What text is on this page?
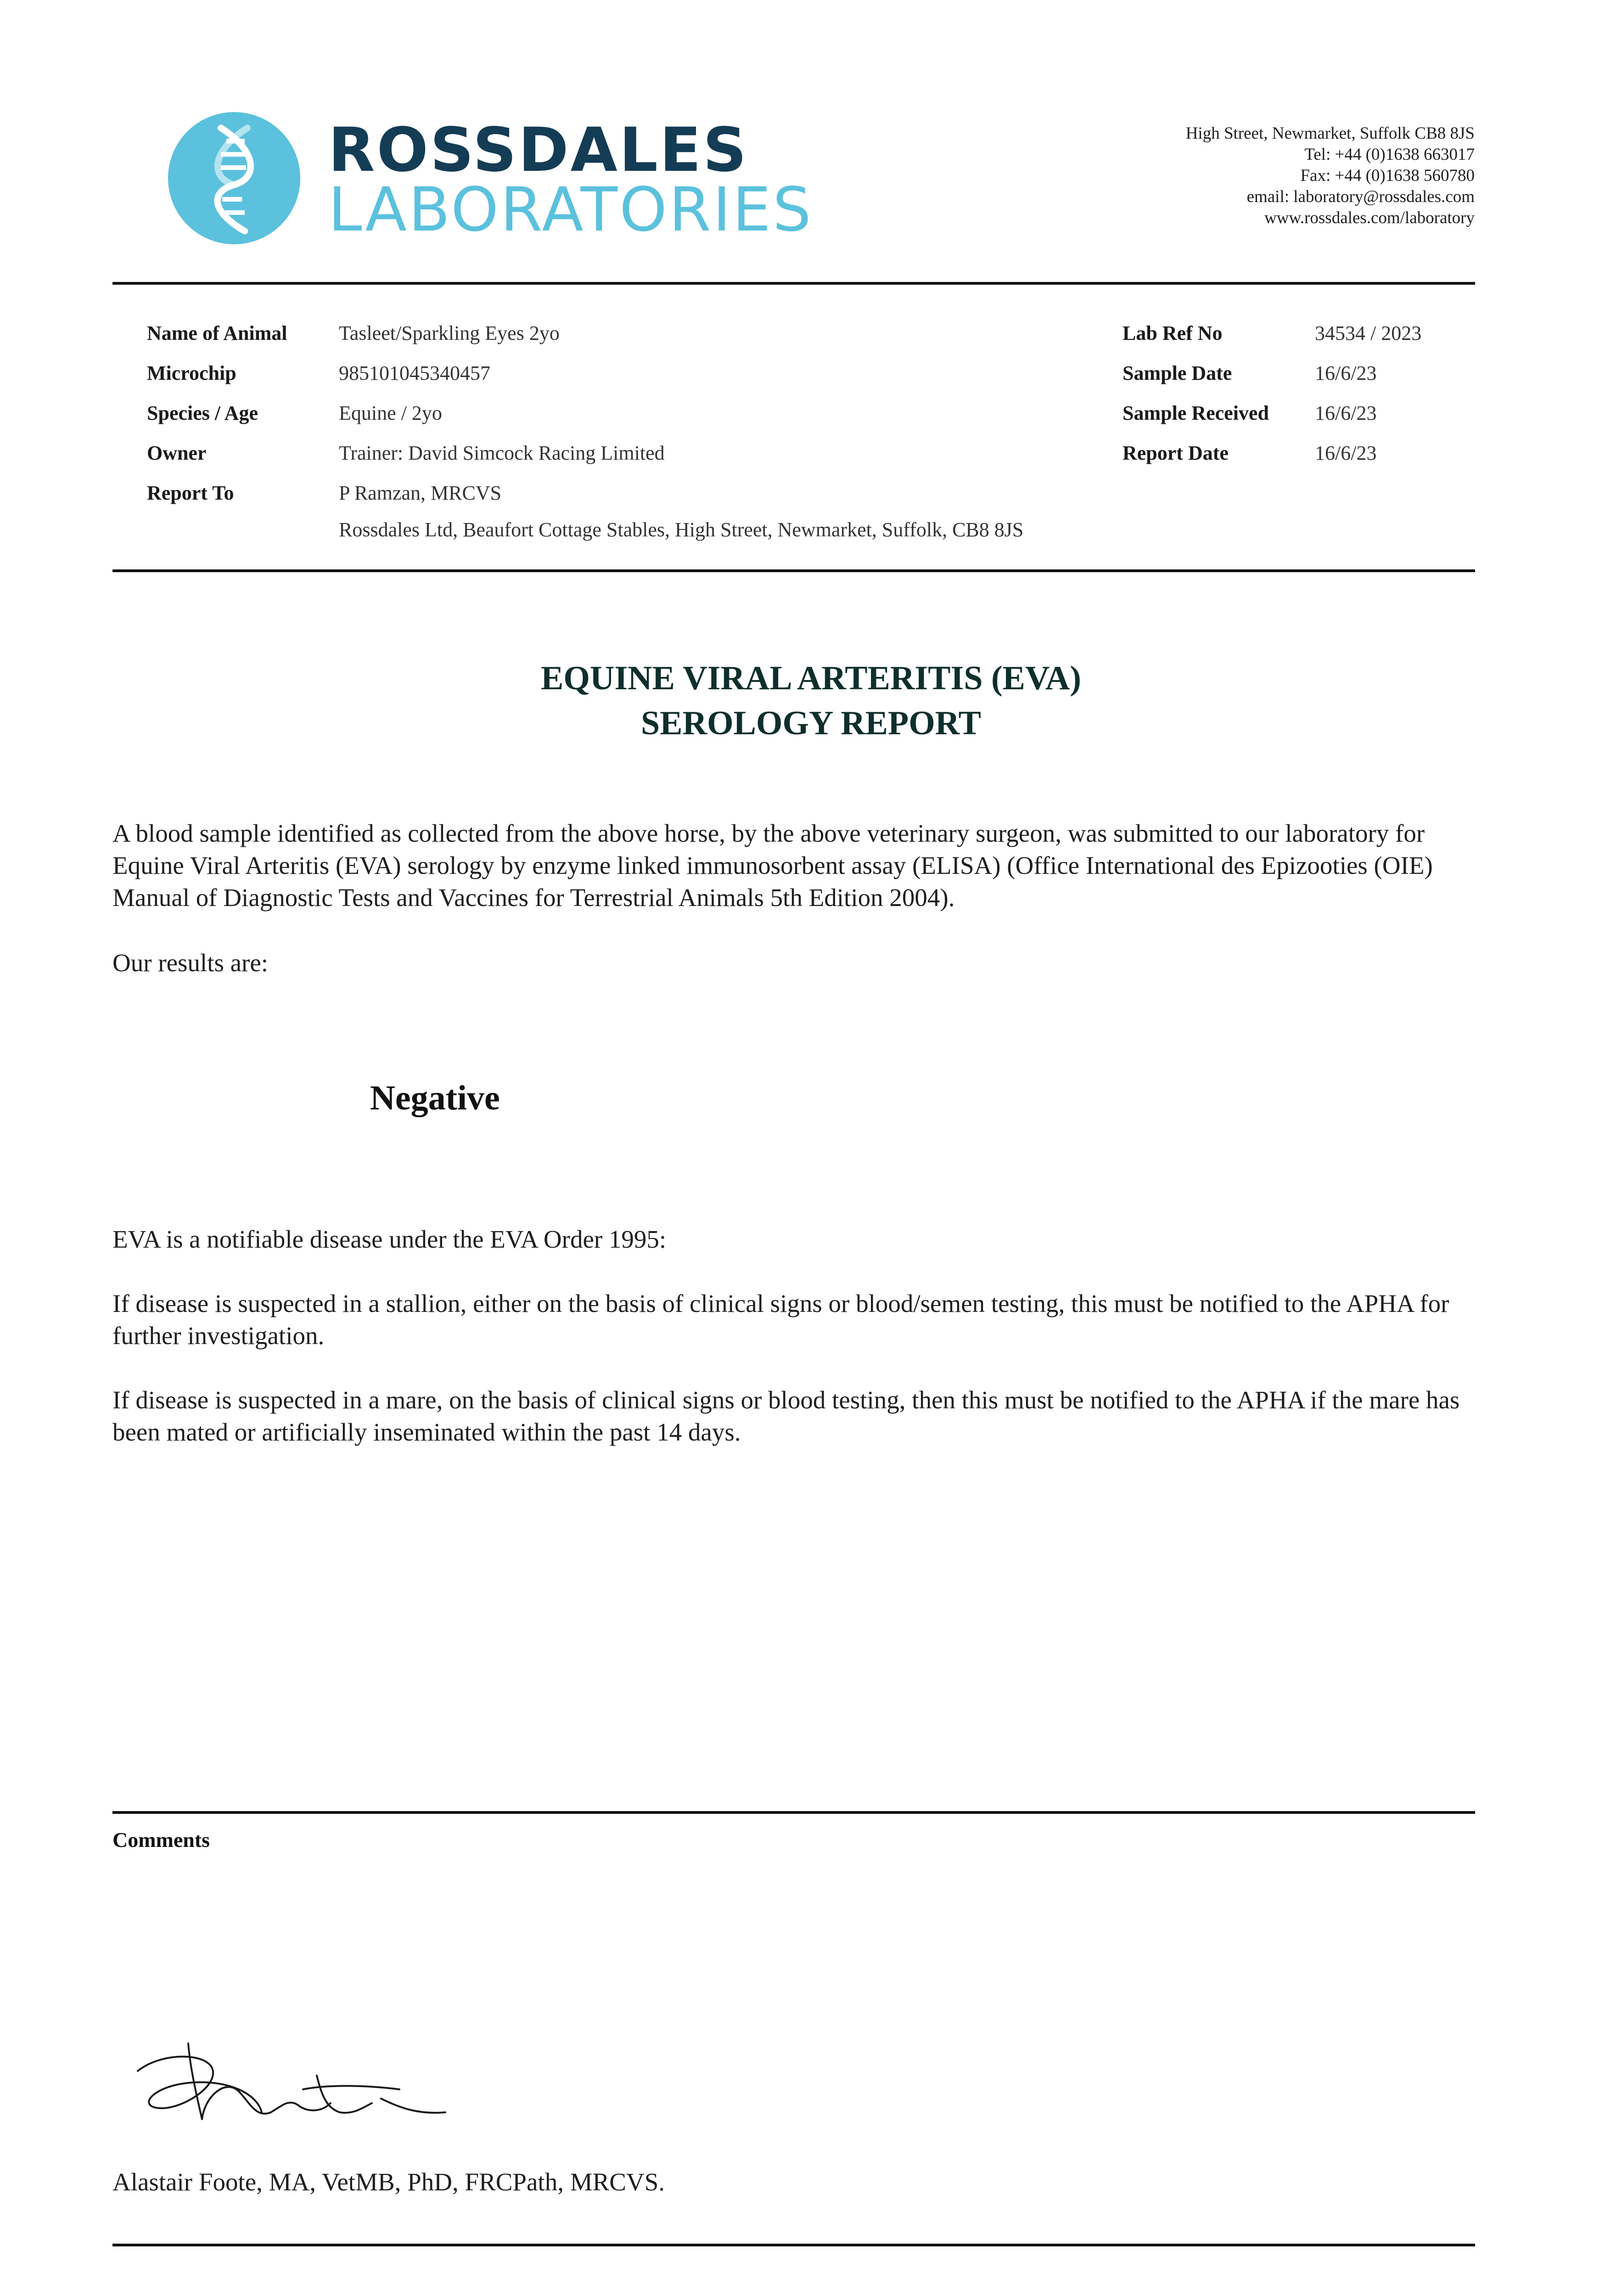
ROSSDALES
LABORATORIES
High Street, Newmarket, Suffolk CB8 8JS
Tel: +44 (0)1638 663017
Fax: +44 (0)1638 560780
email: laboratory@rossdales.com
www.rossdales.com/laboratory
Name of Animal	Tasleet/Sparkling Eyes 2yo
Microchip	985101045340457
Species / Age	Equine / 2yo
Owner	Trainer: David Simcock Racing Limited
Report To	P Ramzan, MRCVS
Rossdales Ltd, Beaufort Cottage Stables, High Street, Newmarket, Suffolk, CB8 8JS
Lab Ref No	34534 / 2023
Sample Date	16/6/23
Sample Received 16/6/23
Report Date	16/6/23
EQUINE VIRAL ARTERITIS (EVA)
SEROLOGY REPORT
A blood sample identified as collected from the above horse, by the above veterinary surgeon, was submitted to our laboratory for Equine Viral Arteritis (EVA) serology by enzyme linked immunosorbent assay (ELISA) (Office International des Epizooties (OIE) Manual of Diagnostic Tests and Vaccines for Terrestrial Animals 5th Edition 2004).
Our results are:
Negative
EVA is a notifiable disease under the EVA Order 1995:
If disease is suspected in a stallion, either on the basis of clinical signs or blood/semen testing, this must be notified to the APHA for further investigation.
If disease is suspected in a mare, on the basis of clinical signs or blood testing, then this must be notified to the APHA if the mare has been mated or artificially inseminated within the past 14 days.
Comments
Alastair Foote, MA, VetMB, PhD, FRCPath, MRCVS.
